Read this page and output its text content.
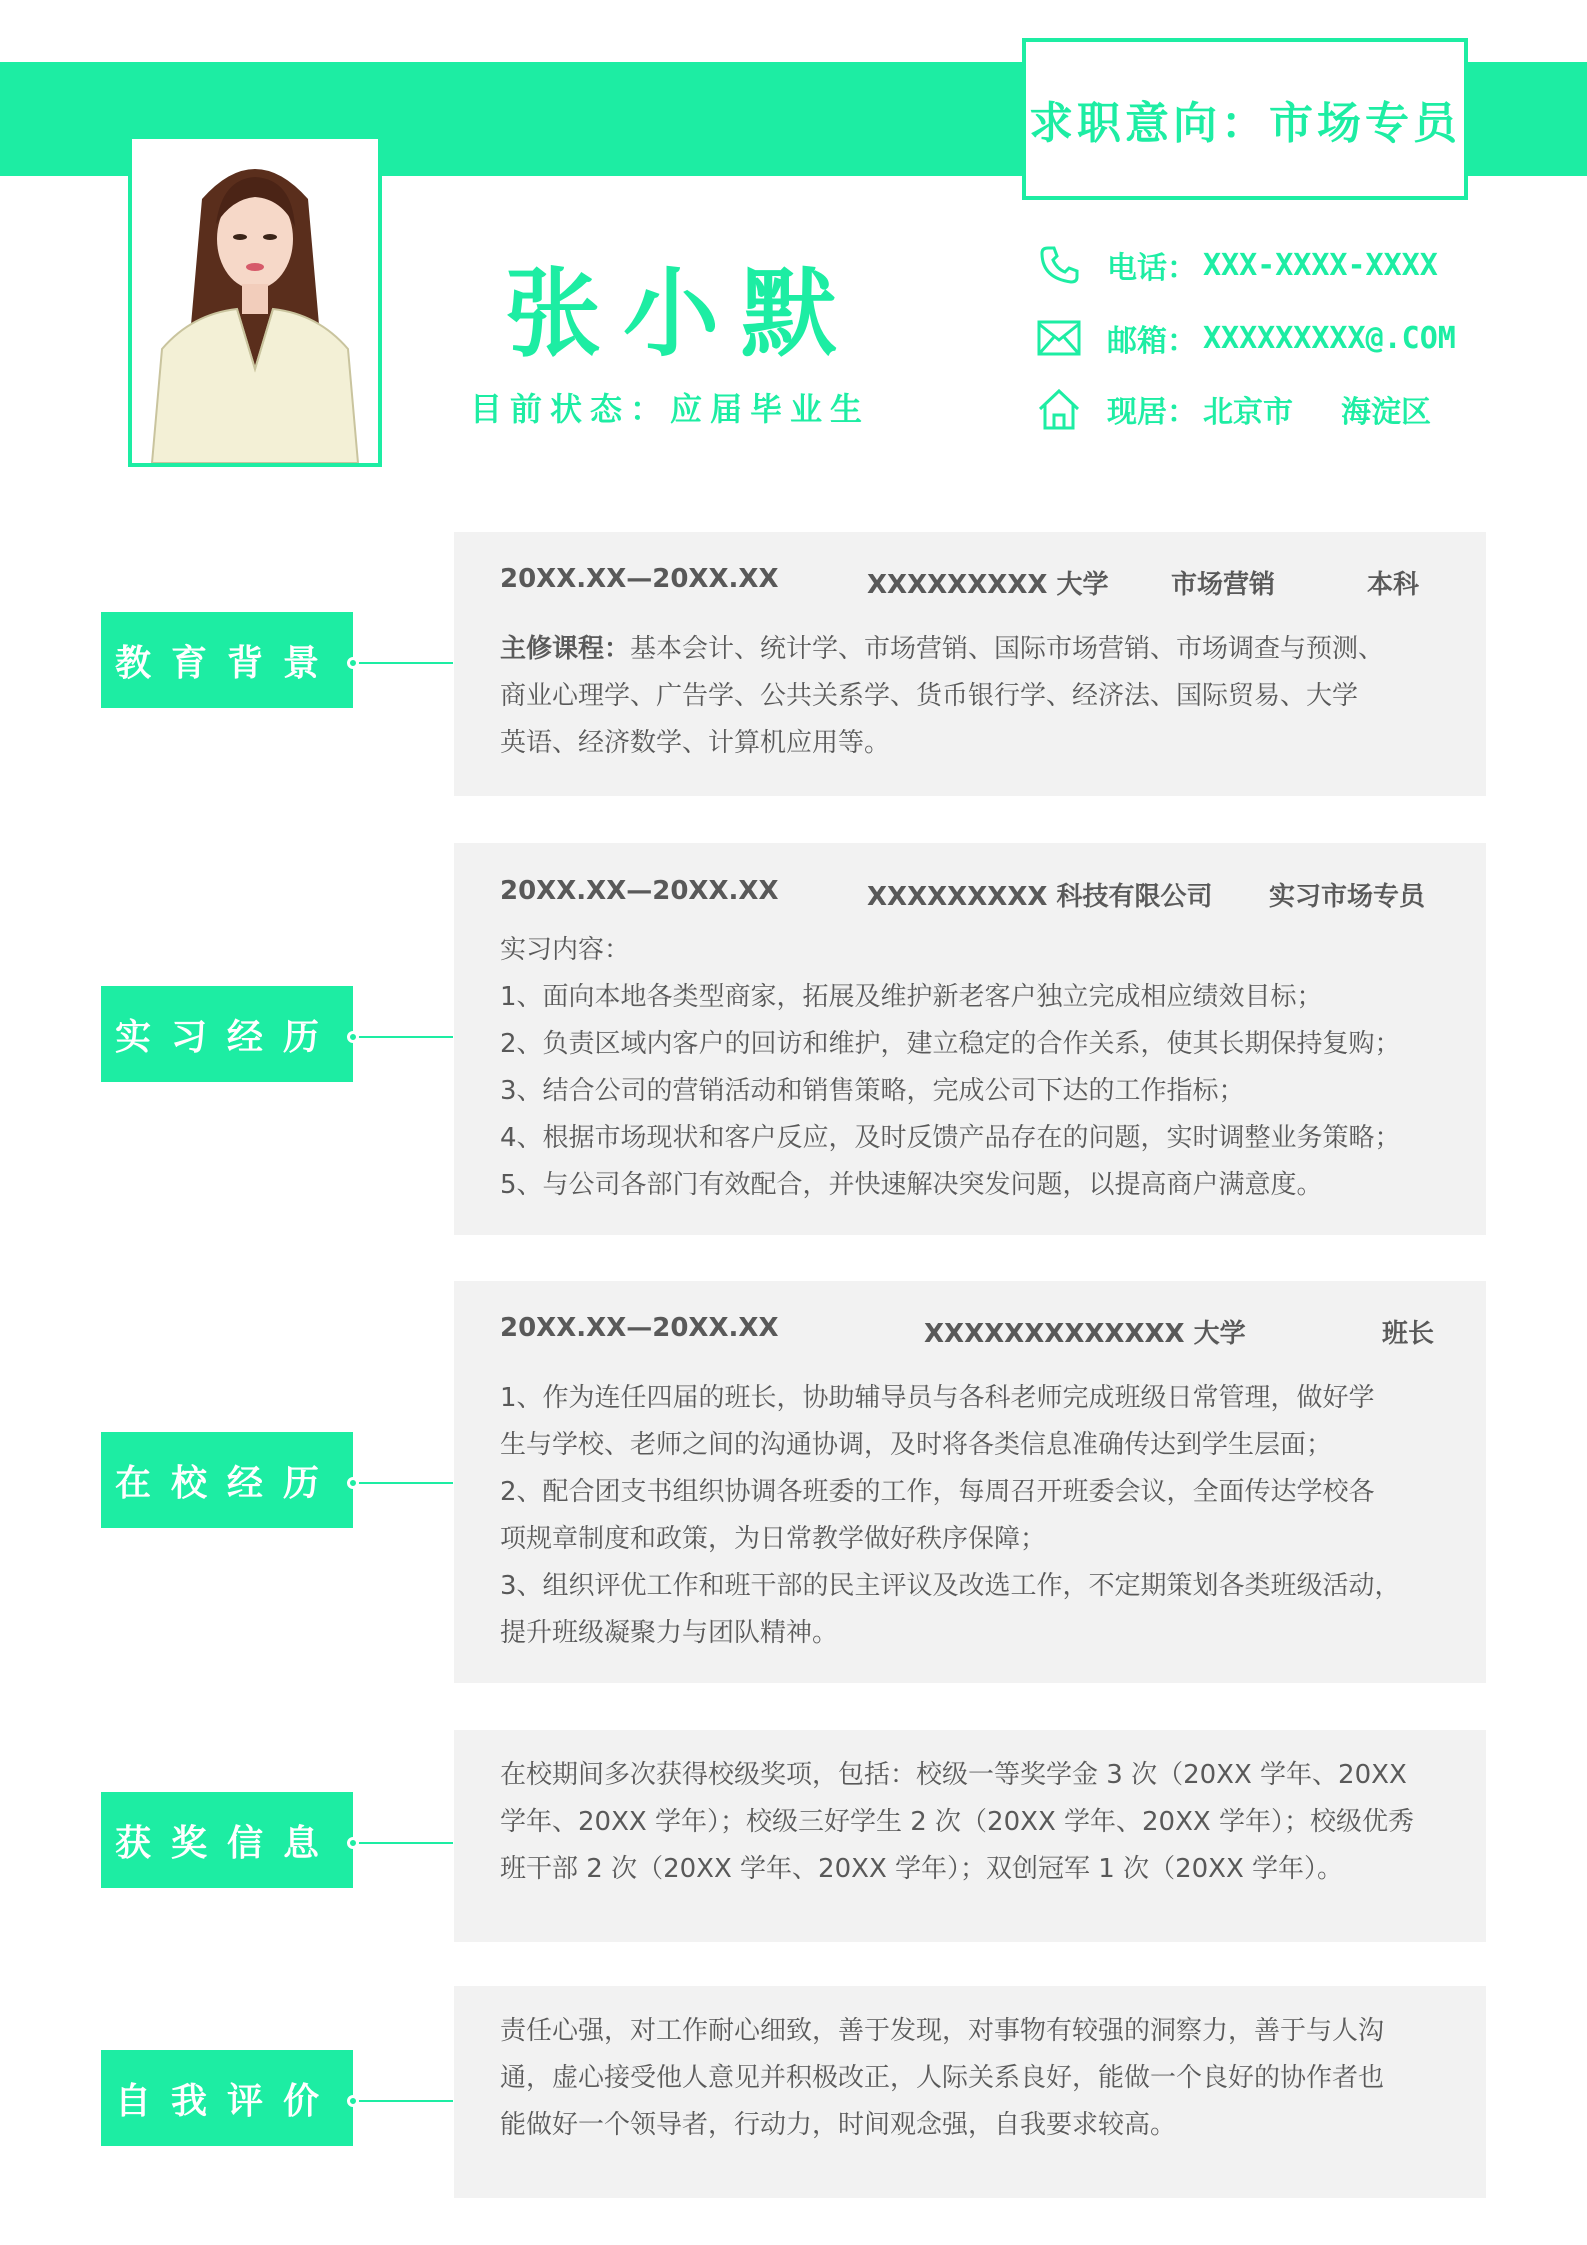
求职意向：市场专员
张小默
目前状态：应届毕业生
电话： XXX-XXXX-XXXX
邮箱： XXXXXXXXX@.COM
现居： 北京市 海淀区
教育背景
20XX.XX—20XX.XX	XXXXXXXXX 大学 市场营销	本科
主修课程：基本会计、统计学、市场营销、国际市场营销、市场调查与预测、
商业心理学、广告学、公共关系学、货币银行学、经济法、国际贸易、大学
英语、经济数学、计算机应用等。
实习经历
20XX.XX—20XX.XX	XXXXXXXXX 科技有限公司 实习市场专员
实习内容：
1、面向本地各类型商家，拓展及维护新老客户独立完成相应绩效目标；
2、负责区域内客户的回访和维护，建立稳定的合作关系，使其长期保持复购；
3、结合公司的营销活动和销售策略，完成公司下达的工作指标；
4、根据市场现状和客户反应，及时反馈产品存在的问题，实时调整业务策略；
5、与公司各部门有效配合，并快速解决突发问题，以提高商户满意度。
在校经历
20XX.XX—20XX.XX	XXXXXXXXXXXXX 大学	班长
1、作为连任四届的班长，协助辅导员与各科老师完成班级日常管理，做好学
生与学校、老师之间的沟通协调，及时将各类信息准确传达到学生层面；
2、配合团支书组织协调各班委的工作，每周召开班委会议，全面传达学校各
项规章制度和政策，为日常教学做好秩序保障；
3、组织评优工作和班干部的民主评议及改选工作，不定期策划各类班级活动，
提升班级凝聚力与团队精神。
获奖信息
在校期间多次获得校级奖项，包括：校级一等奖学金 3 次（20XX 学年、20XX
学年、20XX 学年）；校级三好学生 2 次（20XX 学年、20XX 学年）；校级优秀
班干部 2 次（20XX 学年、20XX 学年）；双创冠军 1 次（20XX 学年）。
自我评价
责任心强，对工作耐心细致，善于发现，对事物有较强的洞察力，善于与人沟
通，虚心接受他人意见并积极改正，人际关系良好，能做一个良好的协作者也
能做好一个领导者，行动力，时间观念强，自我要求较高。
